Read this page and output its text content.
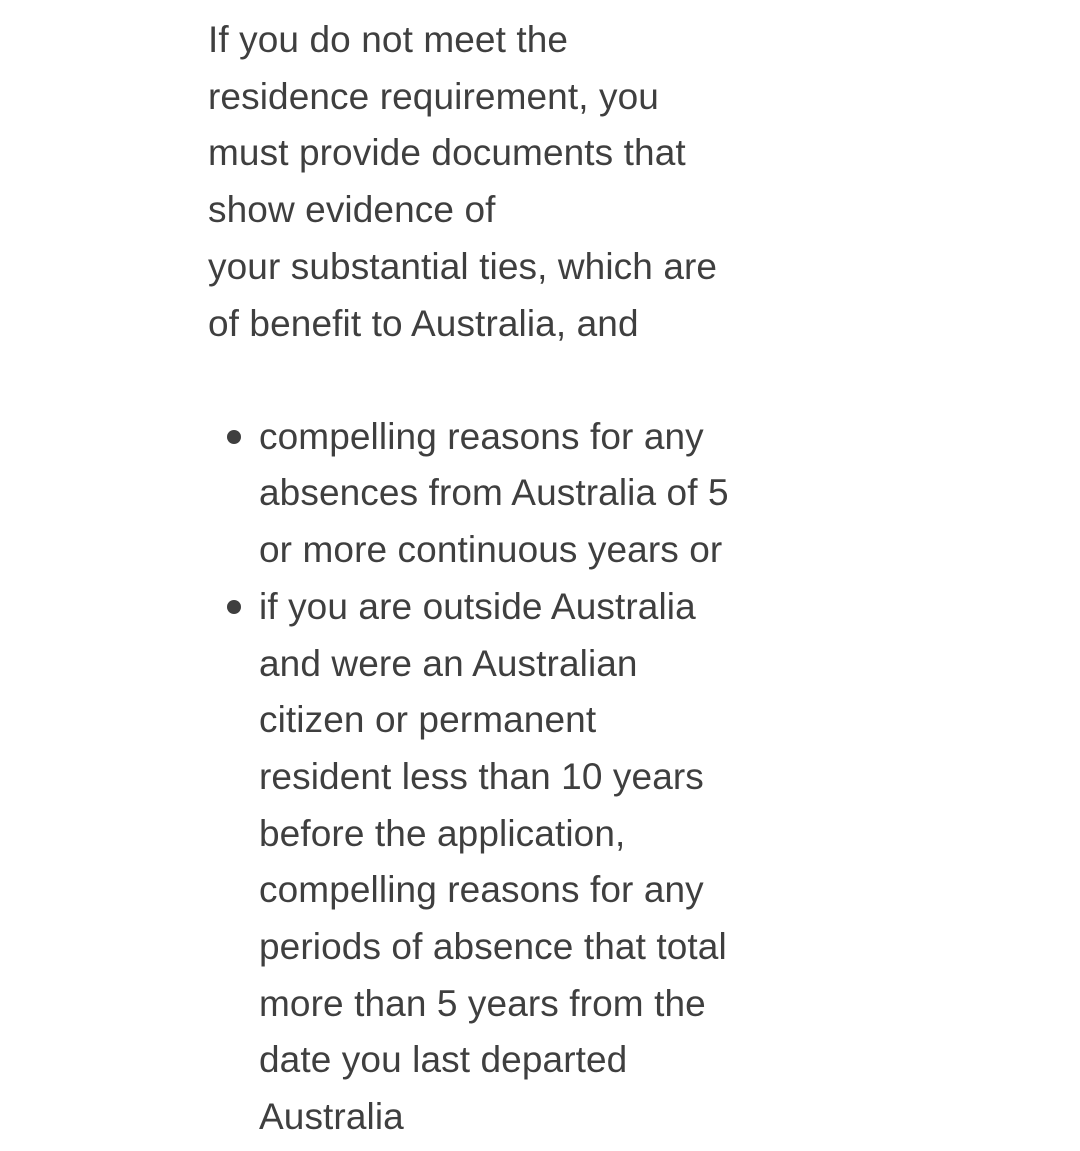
If you do not meet the
residence requirement, you
must provide documents that
show evidence of
your substantial ties, which are
of benefit to Australia, and

compelling reasons for any
absences from Australia of 5
or more continuous years or
if you are outside Australia
and were an Australian
citizen or permanent
resident less than 10 years
before the application,
compelling reasons for any
periods of absence that total
more than 5 years from the
date you last departed
Australia
